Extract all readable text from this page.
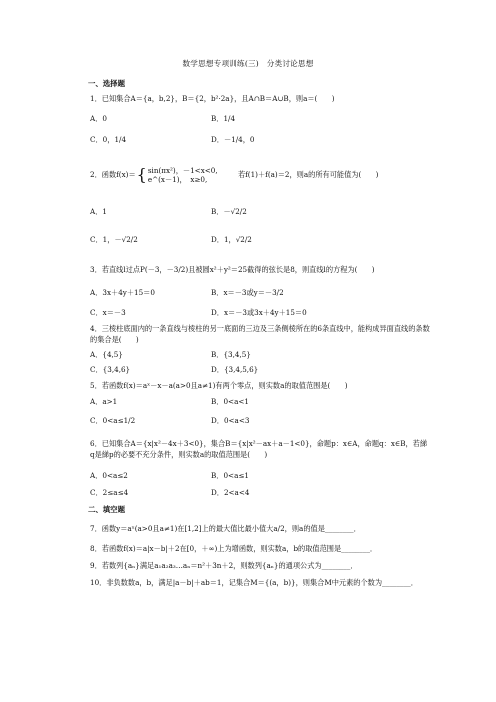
数学思想专项训练(三)　分类讨论思想
一、选择题
1．已知集合A＝{a，b,2}，B＝{2，b²·2a}，且A∩B＝A∪B，则a＝(　　)
A．0	B．1/4
C．0，1/4	D．－1/4，0
2．函数f(x)＝{ sin(πx²)，－1<x<0,
e^(x－1)，　x≥0,
若f(1)＋f(a)＝2，则a的所有可能值为(　　)
A．1	B．－√2/2
C．1，－√2/2	D．1，√2/2
3．若直线l过点P(－3，－3/2)且被圆x²＋y²＝25截得的弦长是8，则直线l的方程为(　　)
A．3x＋4y＋15＝0	B．x＝－3或y＝－3/2
C．x＝－3	D．x＝－3或3x＋4y＋15＝0
4．三棱柱底面内的一条直线与棱柱的另一底面的三边及三条侧棱所在的6条直线中，能构成异面直线的条数的集合是(　　)
A．{4,5}	B．{3,4,5}
C．{3,4,6}	D．{3,4,5,6}
5．若函数f(x)＝aˣ－x－a(a>0且a≠1)有两个零点，则实数a的取值范围是(　　)
A．a>1	B．0<a<1
C．0<a≤1/2	D．0<a<3
6．已知集合A＝{x|x²－4x＋3<0}，集合B＝{x|x²－ax＋a－1<0}，命题p：x∈A，命题q：x∈B，若綈q是綈p的必要不充分条件，则实数a的取值范围是(　　)
A．0<a≤2	B．0<a≤1
C．2≤a≤4	D．2<a<4
二、填空题
7．函数y＝aˣ(a>0且a≠1)在[1,2]上的最大值比最小值大a/2，则a的值是________．
8．若函数f(x)＝a|x－b|＋2在[0，＋∞)上为增函数，则实数a，b的取值范围是________．
9．若数列{aₙ}满足a₁a₂a₃…aₙ＝n²＋3n＋2，则数列{aₙ}的通项公式为________．
10．非负数数a，b，满足|a－b|＋ab＝1，记集合M＝{(a，b)}，则集合M中元素的个数为________．
